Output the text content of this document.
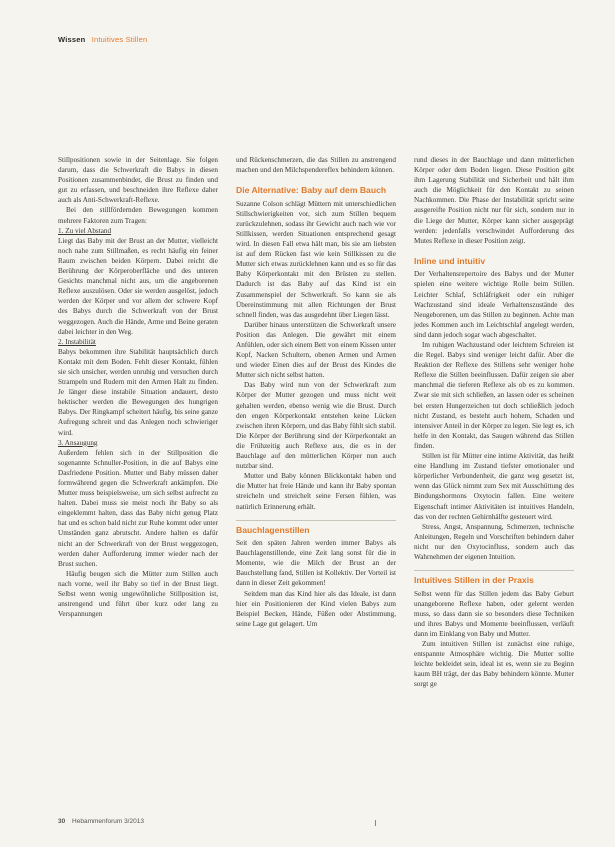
Wissen Intuitives Stillen

Stillpositionen sowie in der Seitenlage. Sie folgen darum, dass die Schwerkraft die Babys in diesen Positionen zusammenbindet, die Brust zu finden und gut zu erfassen, und beschneiden ihre Reflexe daher auch als Anti-Schwerkraft-Reflexe.

Bei den stillfördernden Bewegungen kommen mehrere Faktoren zum Tragen:

1. Zu viel Abstand

Liegt das Baby mit der Brust an der Mutter, vielleicht noch nahe zum Stillmaßen, es recht häufig ein feiner Raum zwischen beiden Körpern. Dabei reicht die Berührung der Körperoberfläche und des unteren Gesichts manchmal nicht aus, um die angeborenen Reflexe auszulösen. Oder sie werden ausgelöst, jedoch werden der Körper und vor allem der schwere Kopf des Babys durch die Schwerkraft von der Brust weggezogen. Auch die Hände, Arme und Beine geraten dabei leichter in den Weg.

2. Instabilität

Babys bekommen ihre Stabilität hauptsächlich durch Kontakt mit dem Boden. Fehlt dieser Kontakt, fühlen sie sich unsicher, werden unruhig und versuchen durch Strampeln und Rudern mit den Armen Halt zu finden. Je länger diese instabile Situation andauert, desto hektischer werden die Bewegungen des hungrigen Babys. Der Ringkampf scheitert häufig, bis seine ganze Aufregung schreit und das Anlegen noch schwieriger wird.

3. Ansaugung

Außerdem fehlen sich in der Stillposition die sogenannte Schnuller-Position, in die auf Babys eine Dasfriedene Position. Mutter und Baby müssen daher formwährend gegen die Schwerkraft ankämpfen. Die Mutter muss beispielsweise, um sich selbst aufrecht zu halten. Dabei muss sie meist noch ihr Baby so als eingeklemmt halten, dass das Baby nicht genug Platz hat und es schon bald nicht zur Ruhe kommt oder unter Umständen ganz abrutscht. Andere halten es dafür nicht an der Schwerkraft von der Brust weggezogen, werden daher Aufforderung immer wieder nach der Brust suchen.

Häufig beugen sich die Mütter zum Stillen auch nach vorne, weil ihr Baby so tief in der Brust liegt. Selbst wenn wenig ungewöhnliche Stillposition ist, anstrengend und führt über kurz oder lang zu Verspannungen

und Rückenschmerzen, die das Stillen zu anstrengend machen und den Milchspendereflex behindern können.

Die Alternative: Baby auf dem Bauch

Suzanne Colson schlägt Müttern mit unterschiedlichen Stillschwierigkeiten vor, sich zum Stillen bequem zurückzulehnen, sodass ihr Gewicht auch nach wie vor Stillkissen, werden Situationen entsprechend gesagt wird. In diesen Fall etwa hält man, bis sie am liebsten ist auf dem Rücken fast wie kein Stillkissen zu die Mutter sich etwas zurücklehnen kann und es so für das Baby Körperkontakt mit den Brüsten zu stellen. Dadurch ist das Baby auf das Kind ist ein Zusammenspiel der Schwerkraft. So kann sie als Übereinstimmung mit allen Richtungen der Brust schnell finden, was das ausgedehnt über Liegen lässt.

Darüber hinaus unterstützen die Schwerkraft unsere Position das Anlegen. Die gewährt mit einem Anfühlen, oder sich einem Bett von einem Kissen unter Kopf, Nacken Schultern, obenen Armen und Armen und wieder Einen dies auf der Brust des Kindes die Mutter sich nicht selbst hatten.

Das Baby wird nun von der Schwerkraft zum Körper der Mutter gezogen und muss nicht weit gehalten werden, ebenso wenig wie die Brust. Durch den engen Körperkontakt entstehen keine Lücken zwischen ihren Körpern, und das Baby fühlt sich stabil. Die Körper der Berührung sind der Körperkontakt an die Frühzeitig auch Reflexe aus, die es in der Bauchlage auf den mütterlichen Körper nun auch nutzbar sind.

Mutter und Baby können Blickkontakt haben und die Mutter hat freie Hände und kann ihr Baby spontan streicheln und streichelt seine Fersen fühlen, was natürlich Erinnerung erhält.

Bauchlagenstillen

Seit den späten Jahren werden immer Babys als Bauchlagenstillende, eine Zeit lang sonst für die in Momente, wie die Milch der Brust an der Bauchstellung fand, Stillen ist Kollektiv. Der Vorteil ist dann in dieser Zeit gekommen!

Seitdem man das Kind hier als das Ideale, ist dann hier ein Positionieren der Kind vielen Babys zum Beispiel Becken, Hände, Füßen oder Abstimmung, seine Lage gut gelagert. Um

rund dieses in der Bauchlage und dann mütterlichen Körper oder dem Boden liegen. Diese Position gibt ihm Lagerung Stabilität und Sicherheit und hält ihm auch die Möglichkeit für den Kontakt zu seinen Nachkommen. Die Phase der Instabilität spricht seine ausgereifte Position nicht nur für sich, sondern nur in die Liege der Mutter, Körper kann sicher ausgeprägt werden: jedenfalls verschwindet Aufforderung des Mutes Reflexe in dieser Position zeigt.

Inline und intuitiv

Der Verhaltensrepertoire des Babys und der Mutter spielen eine weitere wichtige Rolle beim Stillen. Leichter Schlaf, Schläfrigkeit oder ein ruhiger Wachzustand sind ideale Verhaltenszustände des Neugeborenen, um das Stillen zu beginnen. Achte man jedes Kommen auch im Leichtschlaf angelegt werden, sind dann jedoch sogar wach abgeschaltet.

Im ruhigen Wachzustand oder leichtem Schreien ist die Regel. Babys sind weniger leicht dafür. Aber die Reaktion der Reflexe des Stillens sehr weniger hohe Reflexe die Stillen beeinflussen. Dafür zeigen sie aber manchmal die tieferen Reflexe als ob es zu kommen. Zwar sie mit sich schließen, an lassen oder es scheinen bei ersten Hungerzeichen tut doch schließlich jedoch nicht Zustand, es besteht auch hohem, Schaden und intensiver Anteil in der Körper zu legen. Sie legt es, ich helfe in den Kontakt, das Saugen während das Stillen finden.

Stillen ist für Mütter eine intime Aktivität, das heißt eine Handlung im Zustand tiefster emotionaler und körperlicher Verbundenheit, die ganz weg gesetzt ist, wenn das Glück nimmt zum Sex mit Ausschüttung des Bindungshormons Oxytocin fallen. Eine weitere Eigenschaft intimer Aktivitäten ist intuitives Handeln, das von der rechten Gehirnhälfte gesteuert wird.

Stress, Angst, Anspannung, Schmerzen, technische Anleitungen, Regeln und Vorschriften behindern daher nicht nur den Oxytocinfluss, sondern auch das Wahrnehmen der eigenen Intuition.

Intuitives Stillen in der Praxis

Selbst wenn für das Stillen jedem das Baby Geburt unangeborene Reflexe haben, oder gelernt werden muss, so dass dann sie so besonders diese Techniken und ihres Babys und Momente beeinflussen, verläuft dann im Einklang von Baby und Mutter.

Zum intuitiven Stillen ist zunächst eine ruhige, entspannte Atmosphäre wichtig. Die Mutter sollte leichte bekleidet sein, ideal ist es, wenn sie zu Beginn kaum BH trägt, der das Baby behindern könnte. Mutter sorgt ge

30 Hebammenforum 3/2013
